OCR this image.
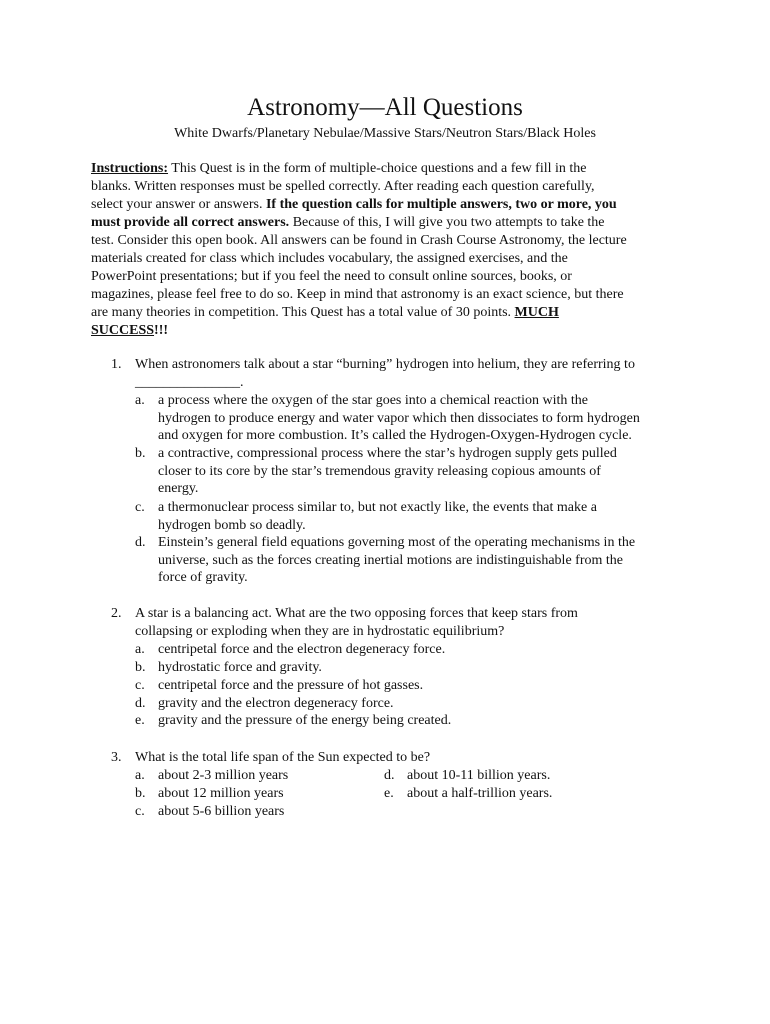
Astronomy—All Questions
White Dwarfs/Planetary Nebulae/Massive Stars/Neutron Stars/Black Holes
Instructions: This Quest is in the form of multiple-choice questions and a few fill in the
blanks. Written responses must be spelled correctly. After reading each question carefully,
select your answer or answers. If the question calls for multiple answers, two or more, you
must provide all correct answers. Because of this, I will give you two attempts to take the
test. Consider this open book. All answers can be found in Crash Course Astronomy, the lecture
materials created for class which includes vocabulary, the assigned exercises, and the
PowerPoint presentations; but if you feel the need to consult online sources, books, or
magazines, please feel free to do so. Keep in mind that astronomy is an exact science, but there
are many theories in competition. This Quest has a total value of 30 points. MUCH
SUCCESS!!!
1. When astronomers talk about a star “burning” hydrogen into helium, they are referring to
_______________.
a. a process where the oxygen of the star goes into a chemical reaction with the
hydrogen to produce energy and water vapor which then dissociates to form hydrogen
and oxygen for more combustion. It’s called the Hydrogen-Oxygen-Hydrogen cycle.
b. a contractive, compressional process where the star’s hydrogen supply gets pulled
closer to its core by the star’s tremendous gravity releasing copious amounts of
energy.
c. a thermonuclear process similar to, but not exactly like, the events that make a
hydrogen bomb so deadly.
d. Einstein’s general field equations governing most of the operating mechanisms in the
universe, such as the forces creating inertial motions are indistinguishable from the
force of gravity.
2. A star is a balancing act. What are the two opposing forces that keep stars from
collapsing or exploding when they are in hydrostatic equilibrium?
a. centripetal force and the electron degeneracy force.
b. hydrostatic force and gravity.
c. centripetal force and the pressure of hot gasses.
d. gravity and the electron degeneracy force.
e. gravity and the pressure of the energy being created.
3. What is the total life span of the Sun expected to be?
a. about 2-3 million years
b. about 12 million years
c. about 5-6 billion years
d. about 10-11 billion years.
e. about a half-trillion years.
